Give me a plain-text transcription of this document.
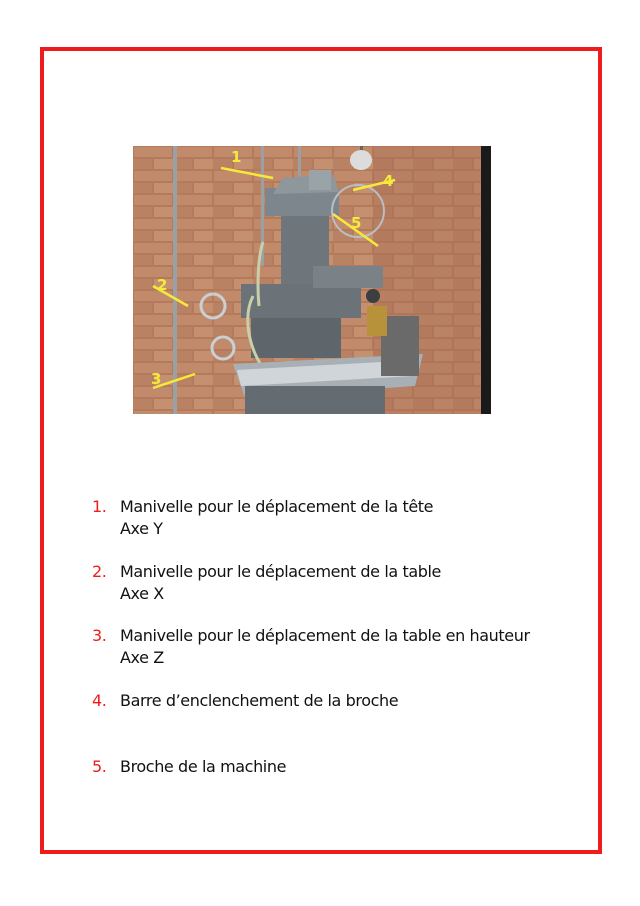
1
2
3
4
5
1. Manivelle pour le déplacement de la tête
Axe Y
2. Manivelle pour le déplacement de la table
Axe X
3. Manivelle pour le déplacement de la table en hauteur
Axe Z
4. Barre d’enclenchement de la broche
5. Broche de la machine
